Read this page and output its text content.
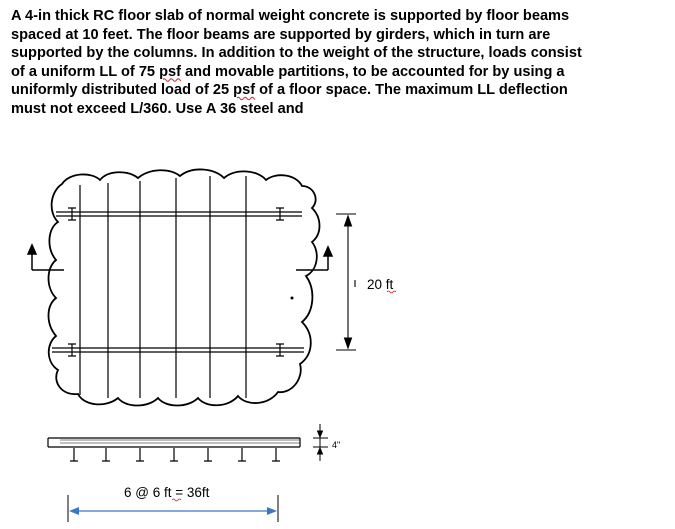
A 4-in thick RC floor slab of normal weight concrete is supported by floor beams
spaced at 10 feet. The floor beams are supported by girders, which in turn are
supported by the columns. In addition to the weight of the structure, loads consist
of a uniform LL of 75 psf and movable partitions, to be accounted for by using a
uniformly distributed load of 25 psf of a floor space. The maximum LL deflection
must not exceed L/360. Use A 36 steel and
20 ft
4"
6 @ 6 ft = 36ft
